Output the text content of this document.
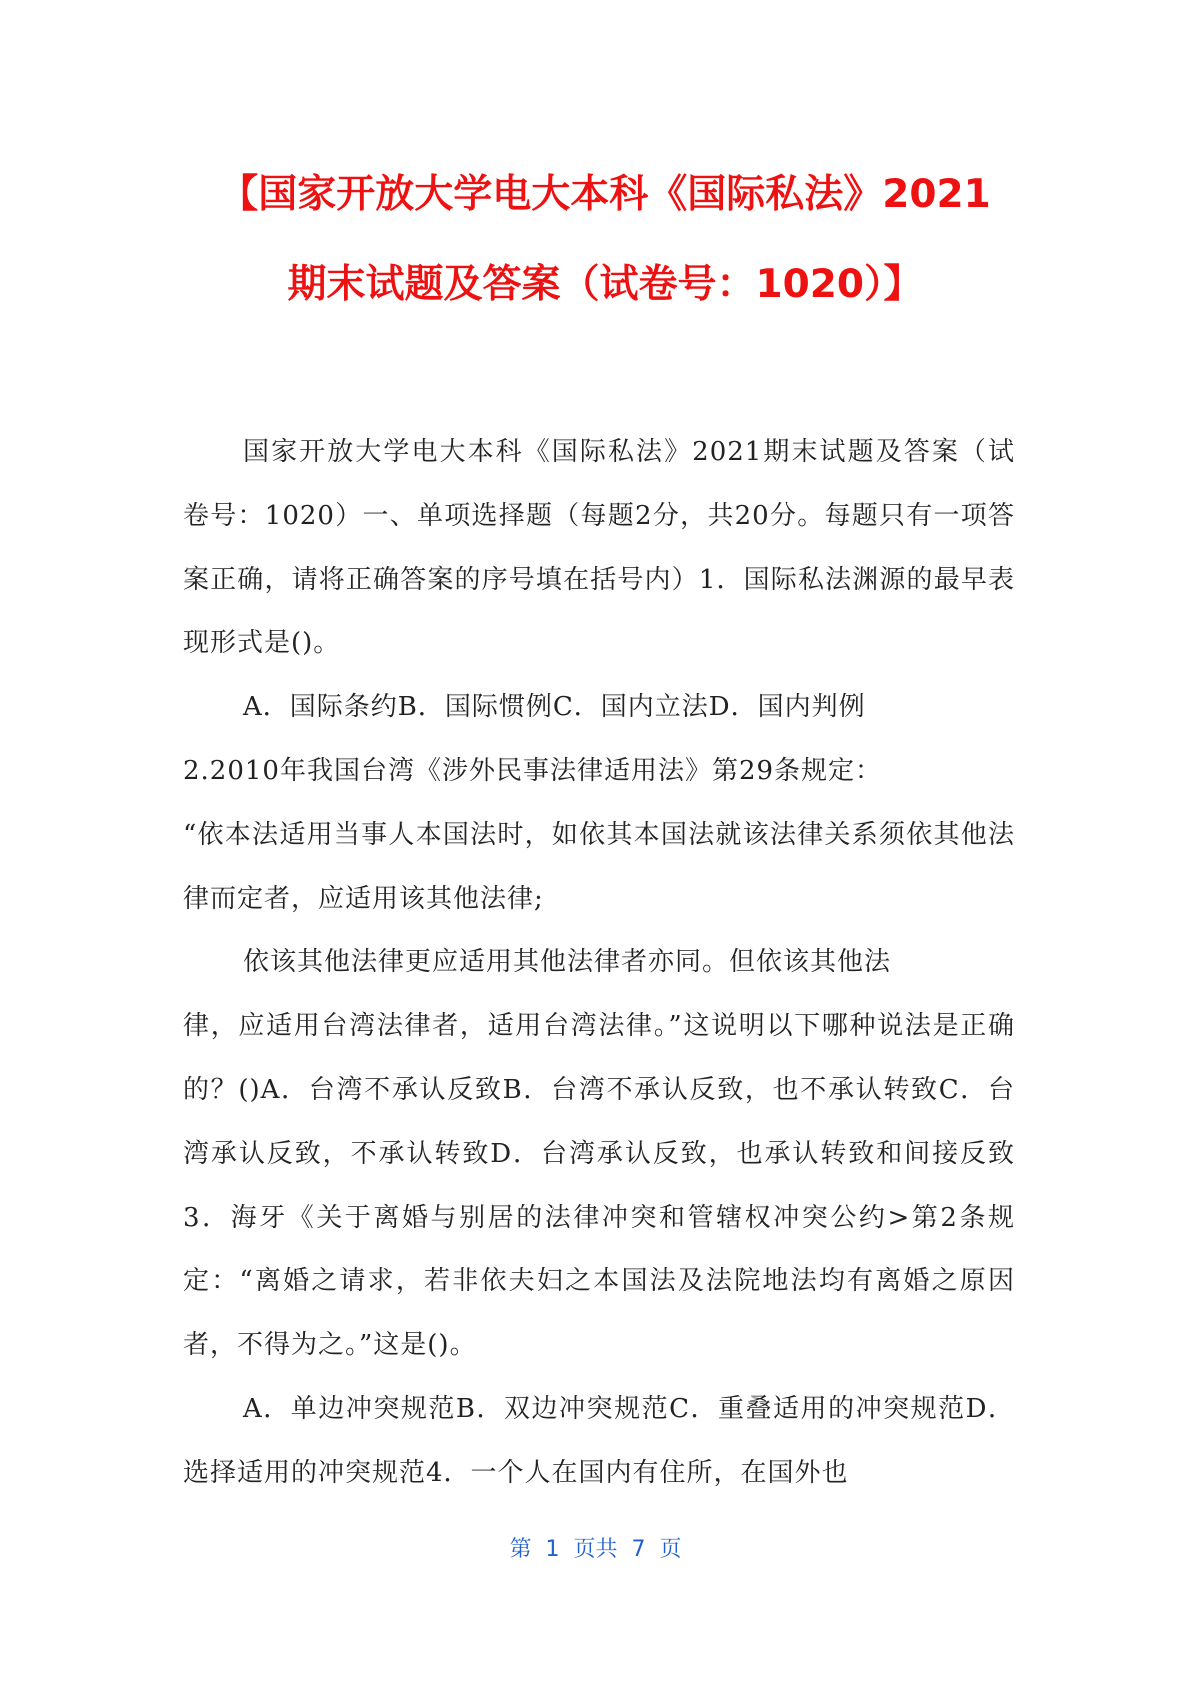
【国家开放大学电大本科《国际私法》2021
期末试题及答案（试卷号：1020）】

国家开放大学电大本科《国际私法》2021期末试题及答案（试卷号：1020）一、单项选择题（每题2分，共20分。每题只有一项答案正确，请将正确答案的序号填在括号内）1．国际私法渊源的最早表现形式是()。

A．国际条约B．国际惯例C．国内立法D．国内判例

2.2010年我国台湾《涉外民事法律适用法》第29条规定：

“依本法适用当事人本国法时，如依其本国法就该法律关系须依其他法律而定者，应适用该其他法律;

依该其他法律更应适用其他法律者亦同。但依该其他法

律，应适用台湾法律者，适用台湾法律。”这说明以下哪种说法是正确的？()A．台湾不承认反致B．台湾不承认反致，也不承认转致C．台湾承认反致，不承认转致D．台湾承认反致，也承认转致和间接反致3．海牙《关于离婚与别居的法律冲突和管辖权冲突公约>第2条规定：“离婚之请求，若非依夫妇之本国法及法院地法均有离婚之原因者，不得为之。”这是()。

A．单边冲突规范B．双边冲突规范C．重叠适用的冲突规范D．选择适用的冲突规范4．一个人在国内有住所，在国外也

第  1  页共  7  页
